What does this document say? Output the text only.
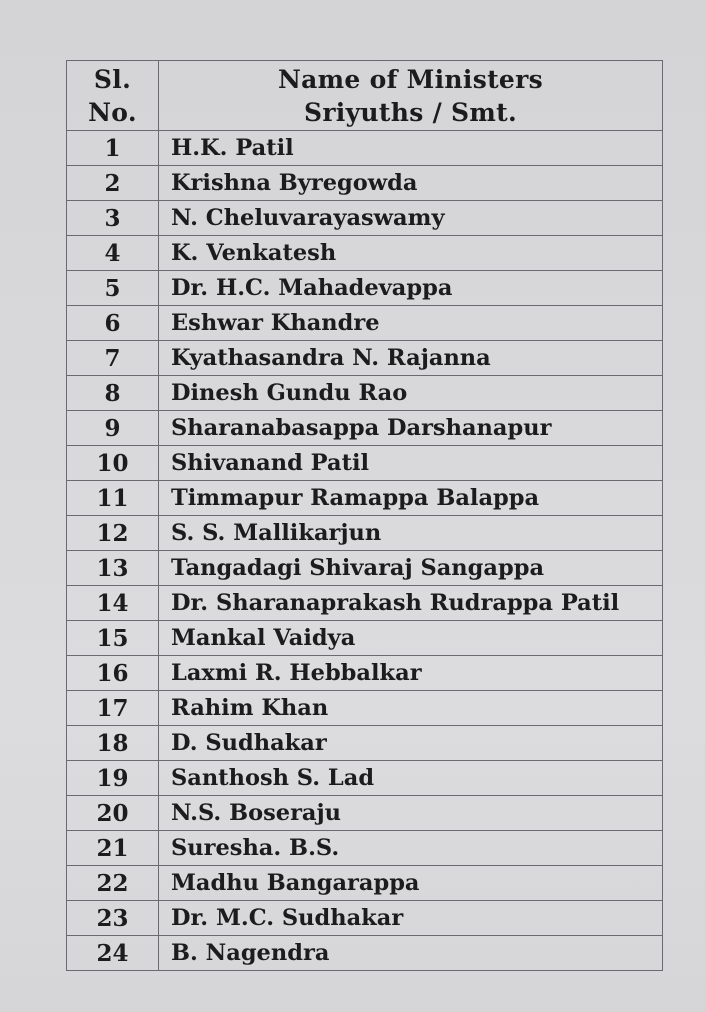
Sl.
No.	Name of Ministers
Sriyuths / Smt.

1	H.K. Patil
2	Krishna Byregowda
3	N. Cheluvarayaswamy
4	K. Venkatesh
5	Dr. H.C. Mahadevappa
6	Eshwar Khandre
7	Kyathasandra N. Rajanna
8	Dinesh Gundu Rao
9	Sharanabasappa Darshanapur
10	Shivanand Patil
11	Timmapur Ramappa Balappa
12	S. S. Mallikarjun
13	Tangadagi Shivaraj Sangappa
14	Dr. Sharanaprakash Rudrappa Patil
15	Mankal Vaidya
16	Laxmi R. Hebbalkar
17	Rahim Khan
18	D. Sudhakar
19	Santhosh S. Lad
20	N.S. Boseraju
21	Suresha. B.S.
22	Madhu Bangarappa
23	Dr. M.C. Sudhakar
24	B. Nagendra
